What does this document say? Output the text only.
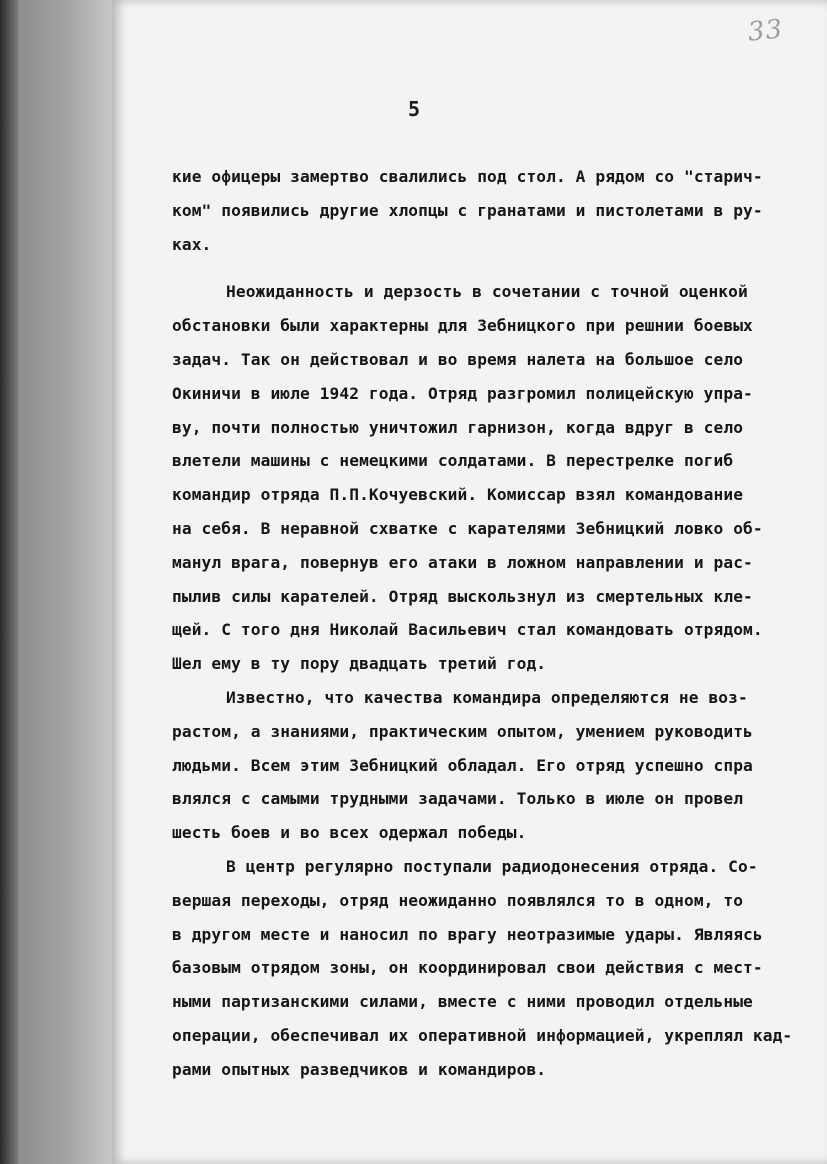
33
5
кие офицеры замертво свалились под стол. А рядом со "старич-
ком" появились другие хлопцы с гранатами и пистолетами в ру-
ках.
Неожиданность и дерзость в сочетании с точной оценкой
обстановки были характерны для Зебницкого при решнии боевых
задач. Так он действовал и во время налета на большое село
Окиничи в июле 1942 года. Отряд разгромил полицейскую упра-
ву, почти полностью уничтожил гарнизон, когда вдруг в село
влетели машины с немецкими солдатами. В перестрелке погиб
командир отряда П.П.Кочуевский. Комиссар взял командование
на себя. В неравной схватке с карателями Зебницкий ловко об-
манул врага, повернув его атаки в ложном направлении и рас-
пылив силы карателей. Отряд выскользнул из смертельных кле-
щей. С того дня Николай Васильевич стал командовать отрядом.
Шел ему в ту пору двадцать третий год.
Известно, что качества командира определяются не воз-
растом, а знаниями, практическим опытом, умением руководить
людьми. Всем этим Зебницкий обладал. Его отряд успешно спра
влялся с самыми трудными задачами. Только в июле он провел
шесть боев и во всех одержал победы.
В центр регулярно поступали радиодонесения отряда. Со-
вершая переходы, отряд неожиданно появлялся то в одном, то
в другом месте и наносил по врагу неотразимые удары. Являясь
базовым отрядом зоны, он координировал свои действия с мест-
ными партизанскими силами, вместе с ними проводил отдельные
операции, обеспечивал их оперативной информацией, укреплял кад-
рами опытных разведчиков и командиров.
